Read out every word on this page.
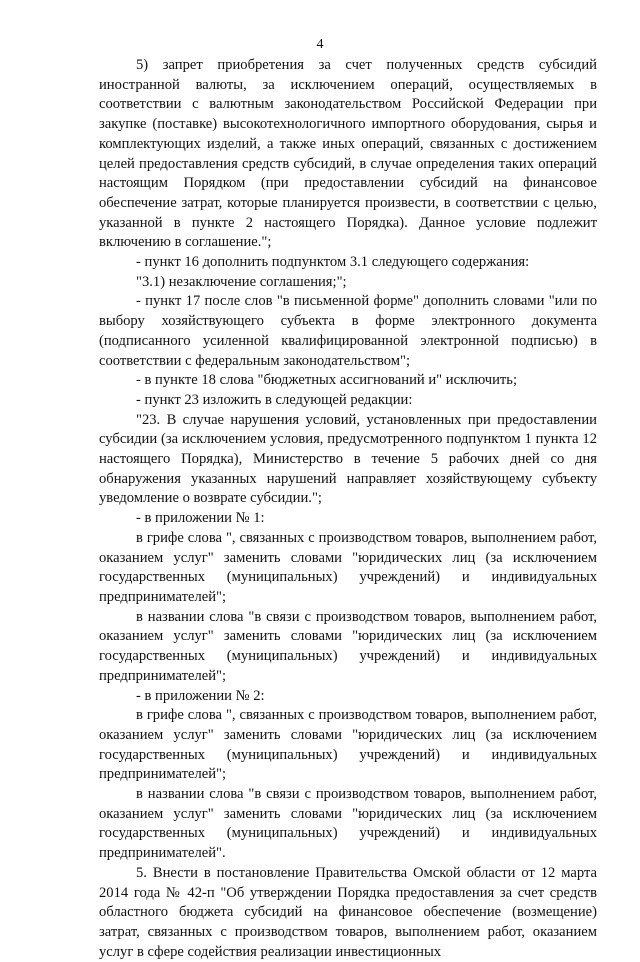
4

5) запрет приобретения за счет полученных средств субсидий иностранной валюты, за исключением операций, осуществляемых в соответствии с валютным законодательством Российской Федерации при закупке (поставке) высокотехнологичного импортного оборудования, сырья и комплектующих изделий, а также иных операций, связанных с достижением целей предоставления средств субсидий, в случае определения таких операций настоящим Порядком (при предоставлении субсидий на финансовое обеспечение затрат, которые планируется произвести, в соответствии с целью, указанной в пункте 2 настоящего Порядка). Данное условие подлежит включению в соглашение.";

- пункт 16 дополнить подпунктом 3.1 следующего содержания:

"3.1) незаключение соглашения;";

- пункт 17 после слов "в письменной форме" дополнить словами "или по выбору хозяйствующего субъекта в форме электронного документа (подписанного усиленной квалифицированной электронной подписью) в соответствии с федеральным законодательством";

- в пункте 18 слова "бюджетных ассигнований и" исключить;

- пункт 23 изложить в следующей редакции:

"23. В случае нарушения условий, установленных при предоставлении субсидии (за исключением условия, предусмотренного подпунктом 1 пункта 12 настоящего Порядка), Министерство в течение 5 рабочих дней со дня обнаружения указанных нарушений направляет хозяйствующему субъекту уведомление о возврате субсидии.";

- в приложении № 1:

в грифе слова ", связанных с производством товаров, выполнением работ, оказанием услуг" заменить словами "юридических лиц (за исключением государственных (муниципальных) учреждений) и индивидуальных предпринимателей";

в названии слова "в связи с производством товаров, выполнением работ, оказанием услуг" заменить словами "юридических лиц (за исключением государственных (муниципальных) учреждений) и индивидуальных предпринимателей";

- в приложении № 2:

в грифе слова ", связанных с производством товаров, выполнением работ, оказанием услуг" заменить словами "юридических лиц (за исключением государственных (муниципальных) учреждений) и индивидуальных предпринимателей";

в названии слова "в связи с производством товаров, выполнением работ, оказанием услуг" заменить словами "юридических лиц (за исключением государственных (муниципальных) учреждений) и индивидуальных предпринимателей".

5. Внести в постановление Правительства Омской области от 12 марта 2014 года № 42-п "Об утверждении Порядка предоставления за счет средств областного бюджета субсидий на финансовое обеспечение (возмещение) затрат, связанных с производством товаров, выполнением работ, оказанием услуг в сфере содействия реализации инвестиционных
